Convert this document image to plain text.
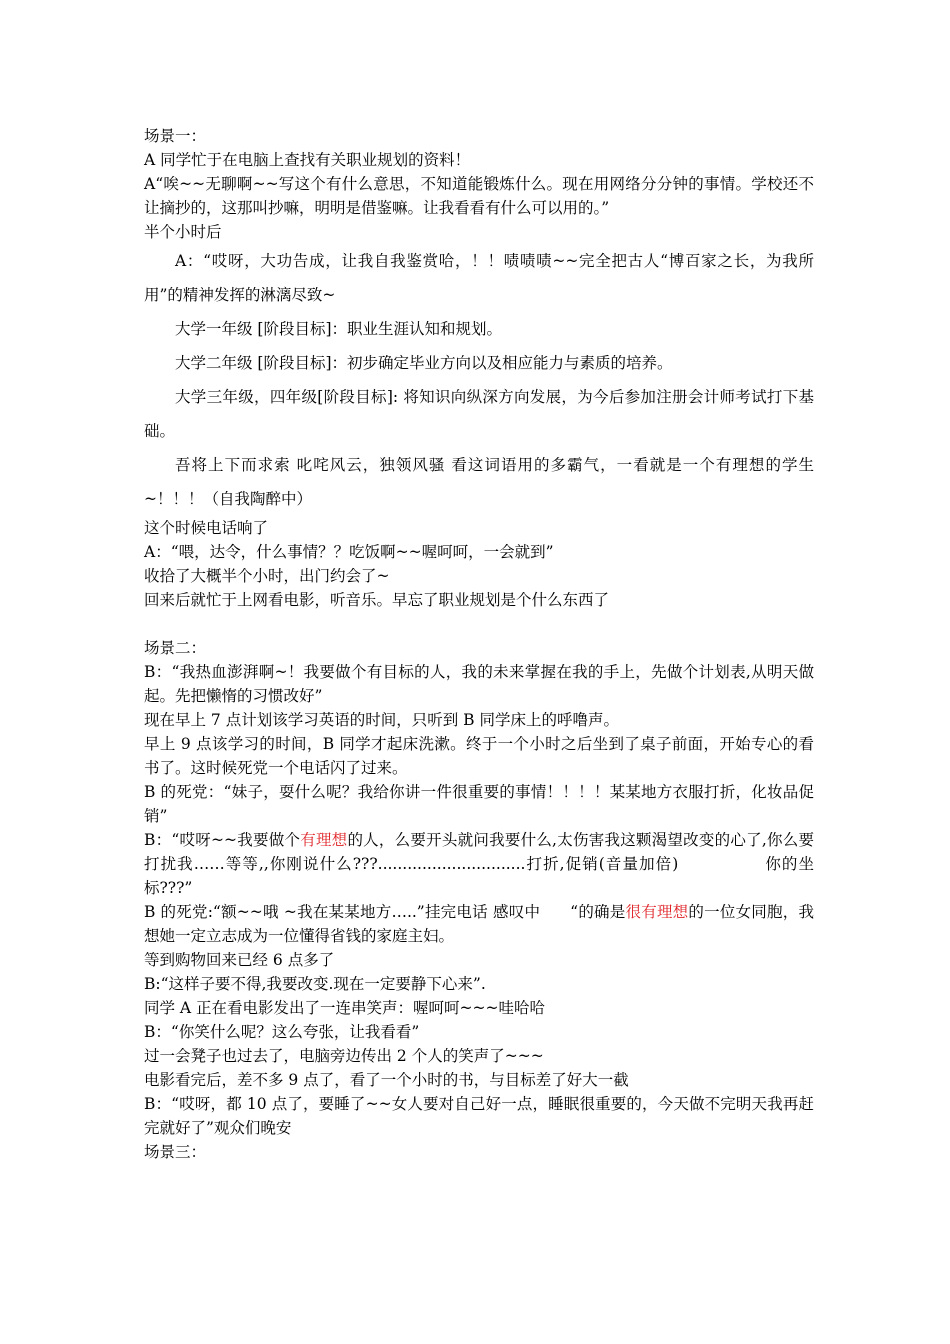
场景一：

A 同学忙于在电脑上查找有关职业规划的资料！

A“唉~~无聊啊~~写这个有什么意思，不知道能锻炼什么。现在用网络分分钟的事情。学校还不让摘抄的，这那叫抄嘛，明明是借鉴嘛。让我看看有什么可以用的。”

半个小时后

A：“哎呀，大功告成，让我自我鉴赏哈，！！啧啧啧~~完全把古人“博百家之长，为我所用”的精神发挥的淋漓尽致~

大学一年级 [阶段目标]：职业生涯认知和规划。

大学二年级 [阶段目标]：初步确定毕业方向以及相应能力与素质的培养。

大学三年级，四年级[阶段目标]: 将知识向纵深方向发展，为今后参加注册会计师考试打下基础。

吾将上下而求索 叱咤风云，独领风骚 看这词语用的多霸气，一看就是一个有理想的学生~！！！（自我陶醉中）

这个时候电话响了

A：“喂，达令，什么事情？？吃饭啊~~喔呵呵，一会就到”

收拾了大概半个小时，出门约会了~

回来后就忙于上网看电影，听音乐。早忘了职业规划是个什么东西了

场景二：

B：“我热血澎湃啊~！我要做个有目标的人，我的未来掌握在我的手上，先做个计划表,从明天做起。先把懒惰的习惯改好”

现在早上 7 点计划该学习英语的时间，只听到 B 同学床上的呼噜声。

早上 9 点该学习的时间，B 同学才起床洗漱。终于一个小时之后坐到了桌子前面，开始专心的看书了。这时候死党一个电话闪了过来。

B 的死党：“妹子，耍什么呢？我给你讲一件很重要的事情！！！！某某地方衣服打折，化妆品促销”

B：“哎呀~~我要做个有理想的人，么要开头就问我要什么,太伤害我这颗渴望改变的心了,你么要打扰我……等等,,你刚说什么???..............................打折,促销(音量加倍)	你的坐标???”

B 的死党:“额~~哦 ~我在某某地方…..”挂完电话 感叹中 “的确是很有理想的一位女同胞，我想她一定立志成为一位懂得省钱的家庭主妇。

等到购物回来已经 6 点多了

B:“这样子要不得,我要改变.现在一定要静下心来”.

同学 A 正在看电影发出了一连串笑声：喔呵呵~~~哇哈哈

B：“你笑什么呢？这么夸张，让我看看”

过一会凳子也过去了，电脑旁边传出 2 个人的笑声了~~~

电影看完后，差不多 9 点了，看了一个小时的书，与目标差了好大一截

B：“哎呀，都 10 点了，要睡了~~女人要对自己好一点，睡眠很重要的，今天做不完明天我再赶完就好了”观众们晚安

场景三：
